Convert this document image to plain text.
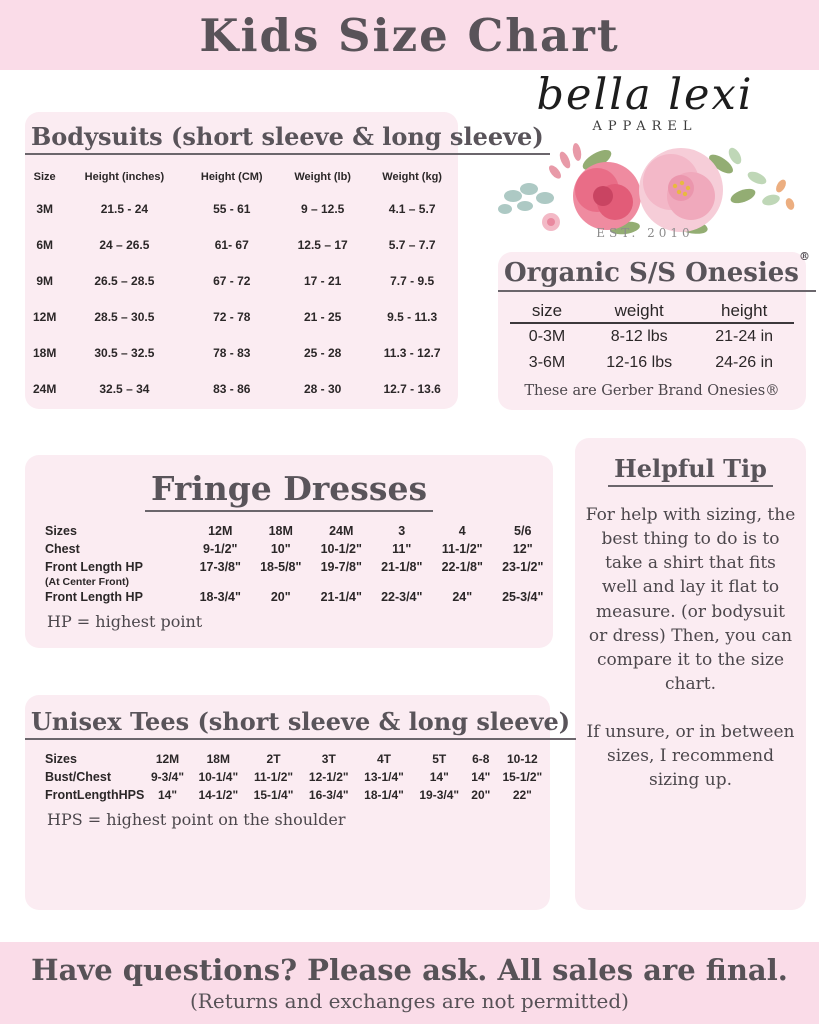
Kids Size Chart
Bodysuits (short sleeve & long sleeve)
Size	Height (inches)	Height (CM)	Weight (lb)	Weight (kg)
3M	21.5 - 24	55 - 61	9 – 12.5	4.1 – 5.7
6M	24 – 26.5	61- 67	12.5 – 17	5.7 – 7.7
9M	26.5 – 28.5	67 - 72	17 - 21	7.7 - 9.5
12M	28.5 – 30.5	72 - 78	21 - 25	9.5 - 11.3
18M	30.5 – 32.5	78 - 83	25 - 28	11.3 - 12.7
24M	32.5 – 34	83 - 86	28 - 30	12.7 - 13.6
bella lexi
APPAREL
EST. 2010
Organic S/S Onesies®
size	weight	height
0-3M	8-12 lbs	21-24 in
3-6M	12-16 lbs	24-26 in
These are Gerber Brand Onesies®
Fringe Dresses
Sizes	12M	18M	24M	3	4	5/6
Chest	9-1/2"	10"	10-1/2"	11"	11-1/2"	12"
Front Length HP	17-3/8"	18-5/8"	19-7/8"	21-1/8"	22-1/8"	23-1/2"
(At Center Front)						
Front Length HP	18-3/4"	20"	21-1/4"	22-3/4"	24"	25-3/4"
HP = highest point
Helpful Tip
For help with sizing, the best thing to do is to take a shirt that fits well and lay it flat to measure. (or bodysuit or dress) Then, you can compare it to the size chart.
If unsure, or in between sizes, I recommend sizing up.
Unisex Tees (short sleeve & long sleeve)
Sizes	12M	18M	2T	3T	4T	5T	6-8	10-12
Bust/Chest	9-3/4"	10-1/4"	11-1/2"	12-1/2"	13-1/4"	14"	14"	15-1/2"
FrontLengthHPS	14"	14-1/2"	15-1/4"	16-3/4"	18-1/4"	19-3/4"	20"	22"
HPS = highest point on the shoulder
Have questions? Please ask. All sales are final.
(Returns and exchanges are not permitted)
